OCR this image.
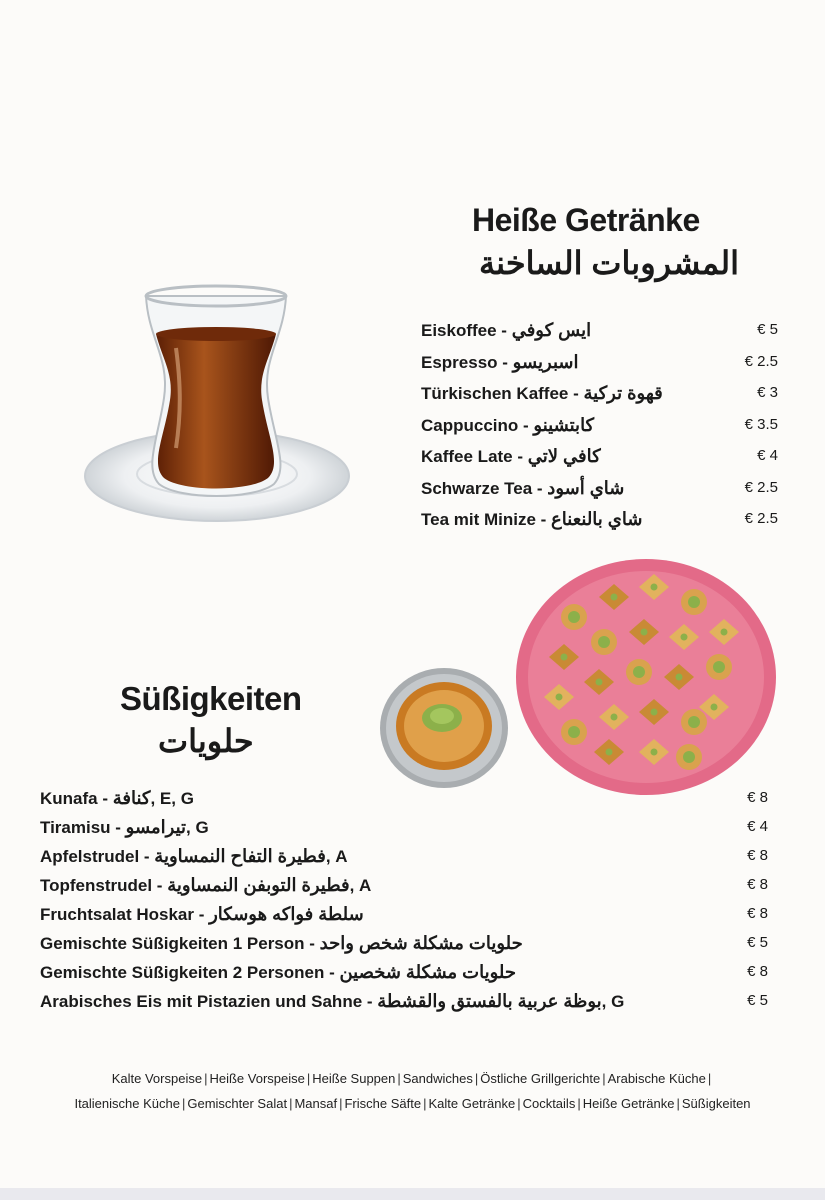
Heiße Getränke
المشروبات الساخنة
Eiskoffee - ايس كوفي	€ 5
Espresso - اسبريسو	€ 2.5
Türkischen Kaffee - قهوة تركية	€ 3
Cappuccino - كابتشينو	€ 3.5
Kaffee Late - كافي لاتي	€ 4
Schwarze Tea - شاي أسود	€ 2.5
Tea mit Minize - شاي بالنعناع	€ 2.5
Süßigkeiten
حلويات
Kunafa - كنافة, E, G	€ 8
Tiramisu - تيرامسو, G	€ 4
Apfelstrudel - فطيرة التفاح النمساوية, A	€ 8
Topfenstrudel - فطيرة التوبفن النمساوية, A	€ 8
Fruchtsalat Hoskar - سلطة فواكه هوسكار	€ 8
Gemischte Süßigkeiten 1 Person - حلويات مشكلة شخص واحد	€ 5
Gemischte Süßigkeiten 2 Personen - حلويات مشكلة شخصين	€ 8
Arabisches Eis mit Pistazien und Sahne - بوظة عربية بالفستق والقشطة, G	€ 5
Kalte Vorspeise | Heiße Vorspeise | Heiße Suppen | Sandwiches | Östliche Grillgerichte | Arabische Küche |
Italienische Küche | Gemischter Salat | Mansaf | Frische Säfte | Kalte Getränke | Cocktails | Heiße Getränke | Süßigkeiten
